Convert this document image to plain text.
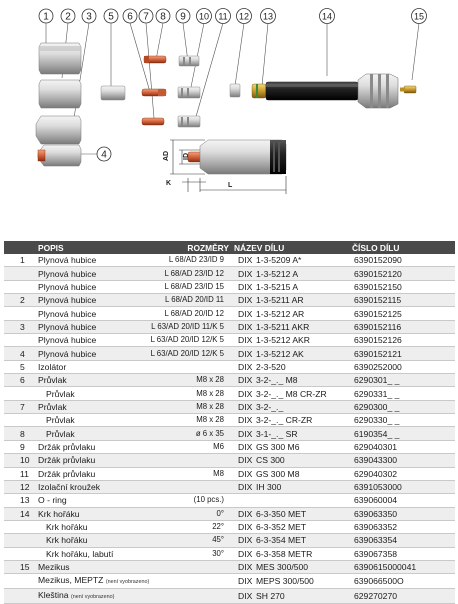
1 2 3
4
5 6 7 8 9 10 11 12 13	14	15
AD ID
K	L
	POPIS	ROZMĚRY	NÁZEV DÍLU		ČÍSLO DÍLU
1	Plynová hubice	L 68/AD 23/ID 9	DIX	1-3-5209 A*	6390152090
	Plynová hubice	L 68/AD 23/ID 12	DIX	1-3-5212 A	6390152120
	Plynová hubice	L 68/AD 23/ID 15	DIX	1-3-5215 A	6390152150
2	Plynová hubice	L 68/AD 20/ID 11	DIX	1-3-5211 AR	6390152115
	Plynová hubice	L 68/AD 20/ID 12	DIX	1-3-5212 AR	6390152125
3	Plynová hubice	L 63/AD 20/ID 11/K 5	DIX	1-3-5211 AKR	6390152116
	Plynová hubice	L 63/AD 20/ID 12/K 5	DIX	1-3-5212 AKR	6390152126
4	Plynová hubice	L 63/AD 20/ID 12/K 5	DIX	1-3-5212 AK	6390152121
5	Izolátor		DIX	2-3-520	6390252000
6	Průvlak	M8 x 28	DIX	3-2-_._ M8	6290301_ _
	Průvlak	M8 x 28	DIX	3-2-_._ M8 CR-ZR	6290331_ _
7	Průvlak	M8 x 28	DIX	3-2-_._	6290300_ _
	Průvlak	M8 x 28	DIX	3-2-_._ CR-ZR	6290330_ _
8	Průvlak	ø 6 x 35	DIX	3-1-_._ SR	6190354_ _
9	Držák průvlaku	M6	DIX	GS 300 M6	629040301
10	Držák průvlaku		DIX	CS 300	639043300
11	Držák průvlaku	M8	DIX	GS 300 M8	629040302
12	Izolační kroužek		DIX	IH 300	6391053000
13	O - ring	(10 pcs.)			639060004
14	Krk hořáku	0°	DIX	6-3-350 MET	639063350
	Krk hořáku	22°	DIX	6-3-352 MET	639063352
	Krk hořáku	45°	DIX	6-3-354 MET	639063354
	Krk hořáku, labutí	30°	DIX	6-3-358 METR	639067358
15	Mezikus		DIX	MES 300/500	6390615000041
	Mezikus, MEPTZ (není vyobrazeno)		DIX	MEPS 300/500	639066500O
	Kleština (není vyobrazeno)		DIX	SH 270	629270270
